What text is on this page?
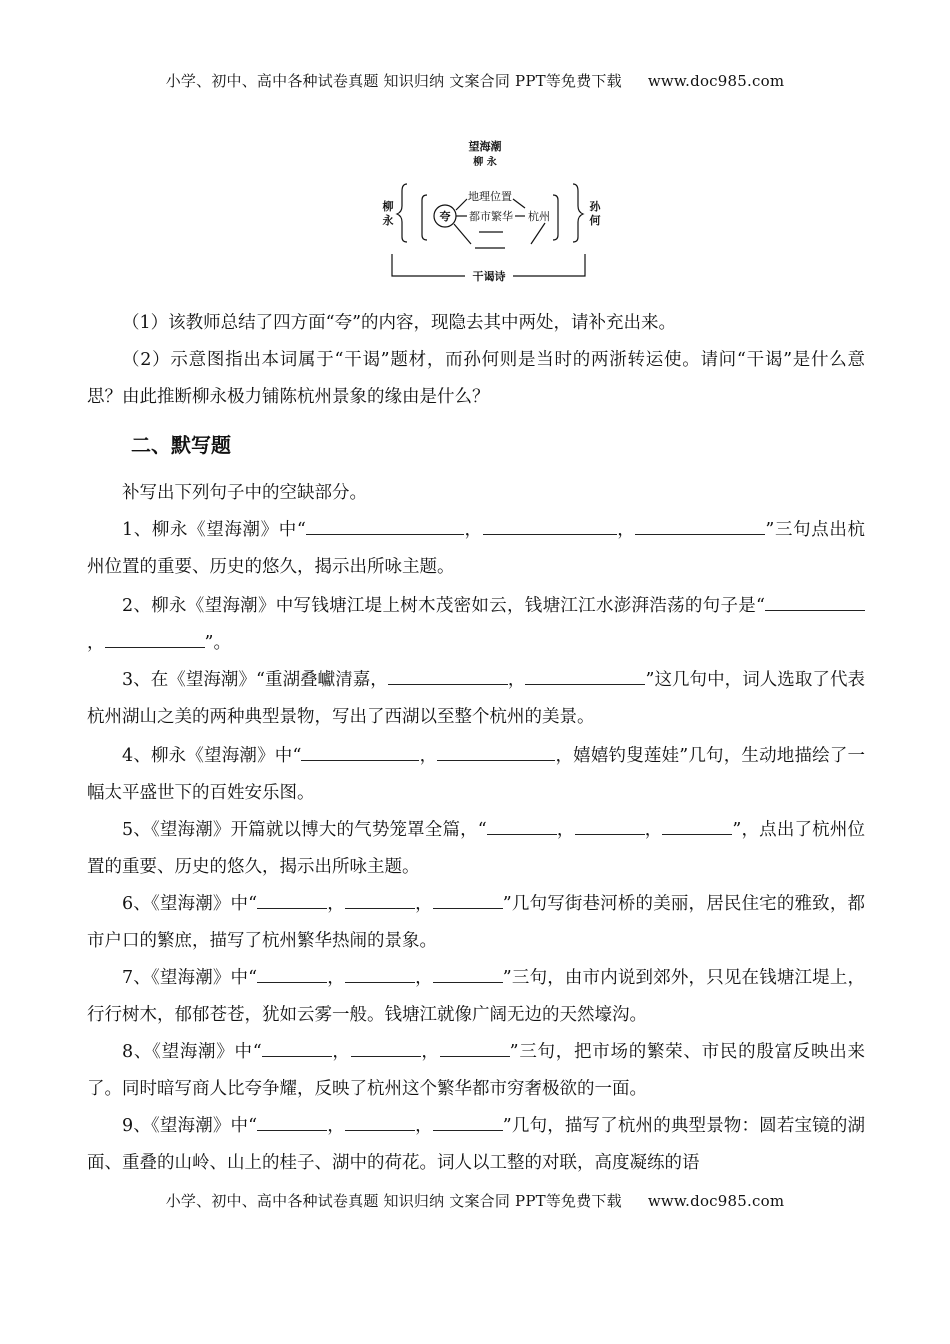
小学、初中、高中各种试卷真题 知识归纳 文案合同 PPT等免费下载 www.doc985.com
望海潮
柳 永
柳
永
孙
何
夸
地理位置
都市繁华 杭州
干谒诗

（1）该教师总结了四方面“夸”的内容，现隐去其中两处，请补充出来。

（2）示意图指出本词属于“干谒”题材，而孙何则是当时的两浙转运使。请问“干谒”是什么意思？由此推断柳永极力铺陈杭州景象的缘由是什么？

二、默写题

补写出下列句子中的空缺部分。

1、柳永《望海潮》中“	，	，	”三句点出杭州位置的重要、历史的悠久，揭示出所咏主题。

2、柳永《望海潮》中写钱塘江堤上树木茂密如云，钱塘江江水澎湃浩荡的句子是“，	”。

3、在《望海潮》“重湖叠巘清嘉，	，	”这几句中，词人选取了代表杭州湖山之美的两种典型景物，写出了西湖以至整个杭州的美景。

4、柳永《望海潮》中“	，	，嬉嬉钓叟莲娃”几句，生动地描绘了一幅太平盛世下的百姓安乐图。

5、《望海潮》开篇就以博大的气势笼罩全篇，“	，	，	”，点出了杭州位置的重要、历史的悠久，揭示出所咏主题。

6、《望海潮》中“	，	，	”几句写街巷河桥的美丽，居民住宅的雅致，都市户口的繁庶，描写了杭州繁华热闹的景象。

7、《望海潮》中“	，	，	”三句，由市内说到郊外，只见在钱塘江堤上，行行树木，郁郁苍苍，犹如云雾一般。钱塘江就像广阔无边的天然壕沟。

8、《望海潮》中“	，	，	”三句，把市场的繁荣、市民的殷富反映出来了。同时暗写商人比夸争耀，反映了杭州这个繁华都市穷奢极欲的一面。

9、《望海潮》中“	，	，	”几句，描写了杭州的典型景物：圆若宝镜的湖面、重叠的山岭、山上的桂子、湖中的荷花。词人以工整的对联，高度凝练的语

小学、初中、高中各种试卷真题 知识归纳 文案合同 PPT等免费下载 www.doc985.com
